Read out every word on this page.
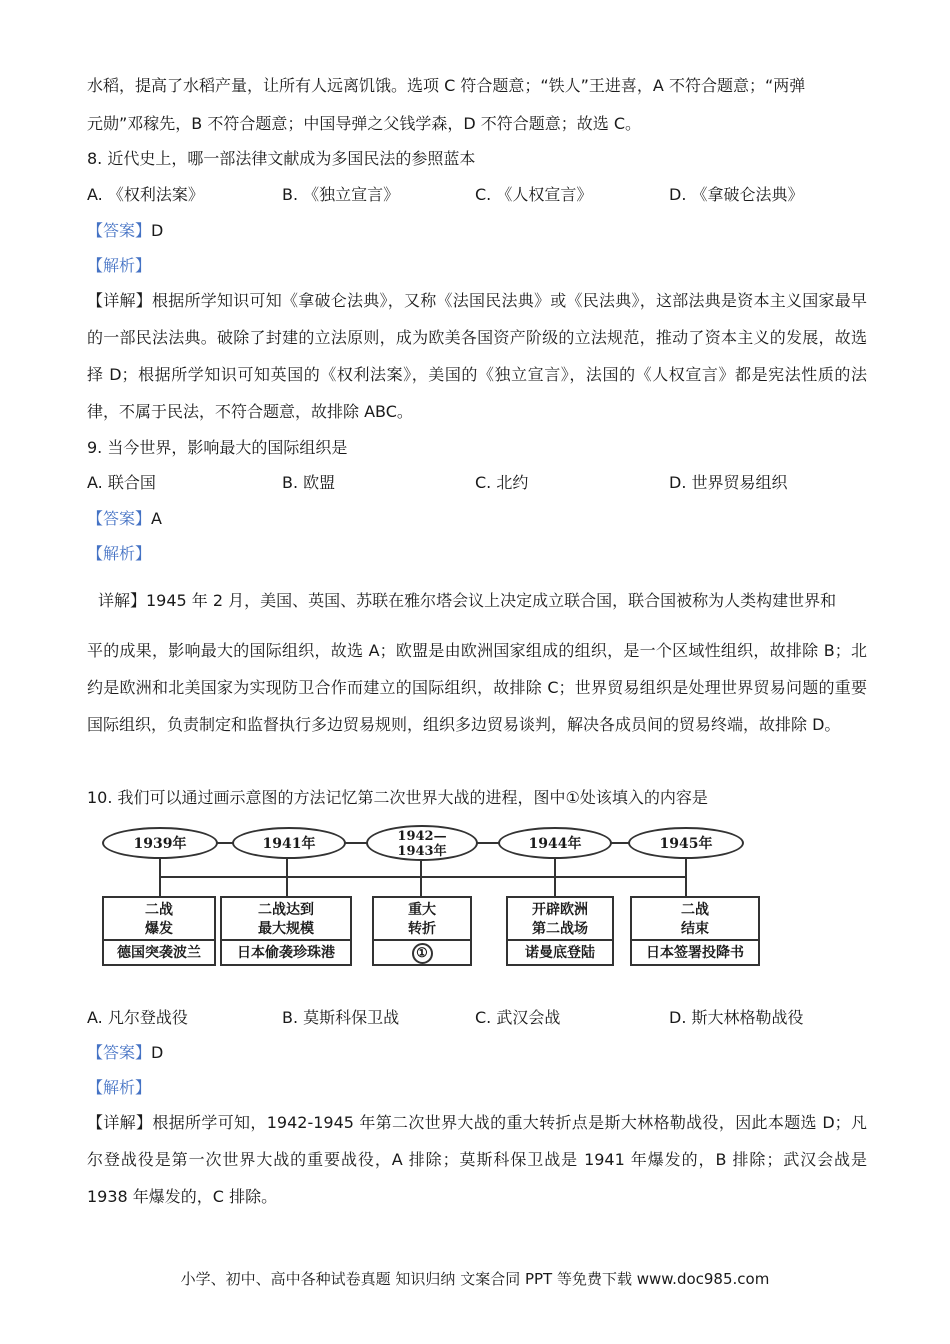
水稻，提高了水稻产量，让所有人远离饥饿。选项 C 符合题意；“铁人”王进喜，A 不符合题意；“两弹
元勋”邓稼先，B 不符合题意；中国导弹之父钱学森，D 不符合题意；故选 C。
8. 近代史上，哪一部法律文献成为多国民法的参照蓝本
A. 《权利法案》	B. 《独立宣言》	C. 《人权宣言》	D. 《拿破仑法典》
【答案】D
【解析】
【详解】根据所学知识可知《拿破仑法典》，又称《法国民法典》或《民法典》，这部法典是资本主义国家最早的一部民法法典。破除了封建的立法原则，成为欧美各国资产阶级的立法规范，推动了资本主义的发展，故选择 D；根据所学知识可知英国的《权利法案》，美国的《独立宣言》，法国的《人权宣言》都是宪法性质的法律，不属于民法，不符合题意，故排除 ABC。
9. 当今世界，影响最大的国际组织是
A. 联合国	B. 欧盟	C. 北约	D. 世界贸易组织
【答案】A
【解析】
详解】1945 年 2 月，美国、英国、苏联在雅尔塔会议上决定成立联合国，联合国被称为人类构建世界和
平的成果，影响最大的国际组织，故选 A；欧盟是由欧洲国家组成的组织，是一个区域性组织，故排除 B；北约是欧洲和北美国家为实现防卫合作而建立的国际组织，故排除 C；世界贸易组织是处理世界贸易问题的重要国际组织，负责制定和监督执行多边贸易规则，组织多边贸易谈判，解决各成员间的贸易终端，故排除 D。
10. 我们可以通过画示意图的方法记忆第二次世界大战的进程，图中①处该填入的内容是
1939年	1941年	1942—1943年	1944年	1945年
二战
爆发
德国突袭波兰
二战达到
最大规模
日本偷袭珍珠港
重大
转折
①
开辟欧洲
第二战场
诺曼底登陆
二战
结束
日本签署投降书
A. 凡尔登战役	B. 莫斯科保卫战	C. 武汉会战	D. 斯大林格勒战役
【答案】D
【解析】
【详解】根据所学可知，1942-1945 年第二次世界大战的重大转折点是斯大林格勒战役，因此本题选 D；凡尔登战役是第一次世界大战的重要战役，A 排除；莫斯科保卫战是 1941 年爆发的，B 排除；武汉会战是 1938 年爆发的，C 排除。
小学、初中、高中各种试卷真题 知识归纳 文案合同 PPT 等免费下载 www.doc985.com
